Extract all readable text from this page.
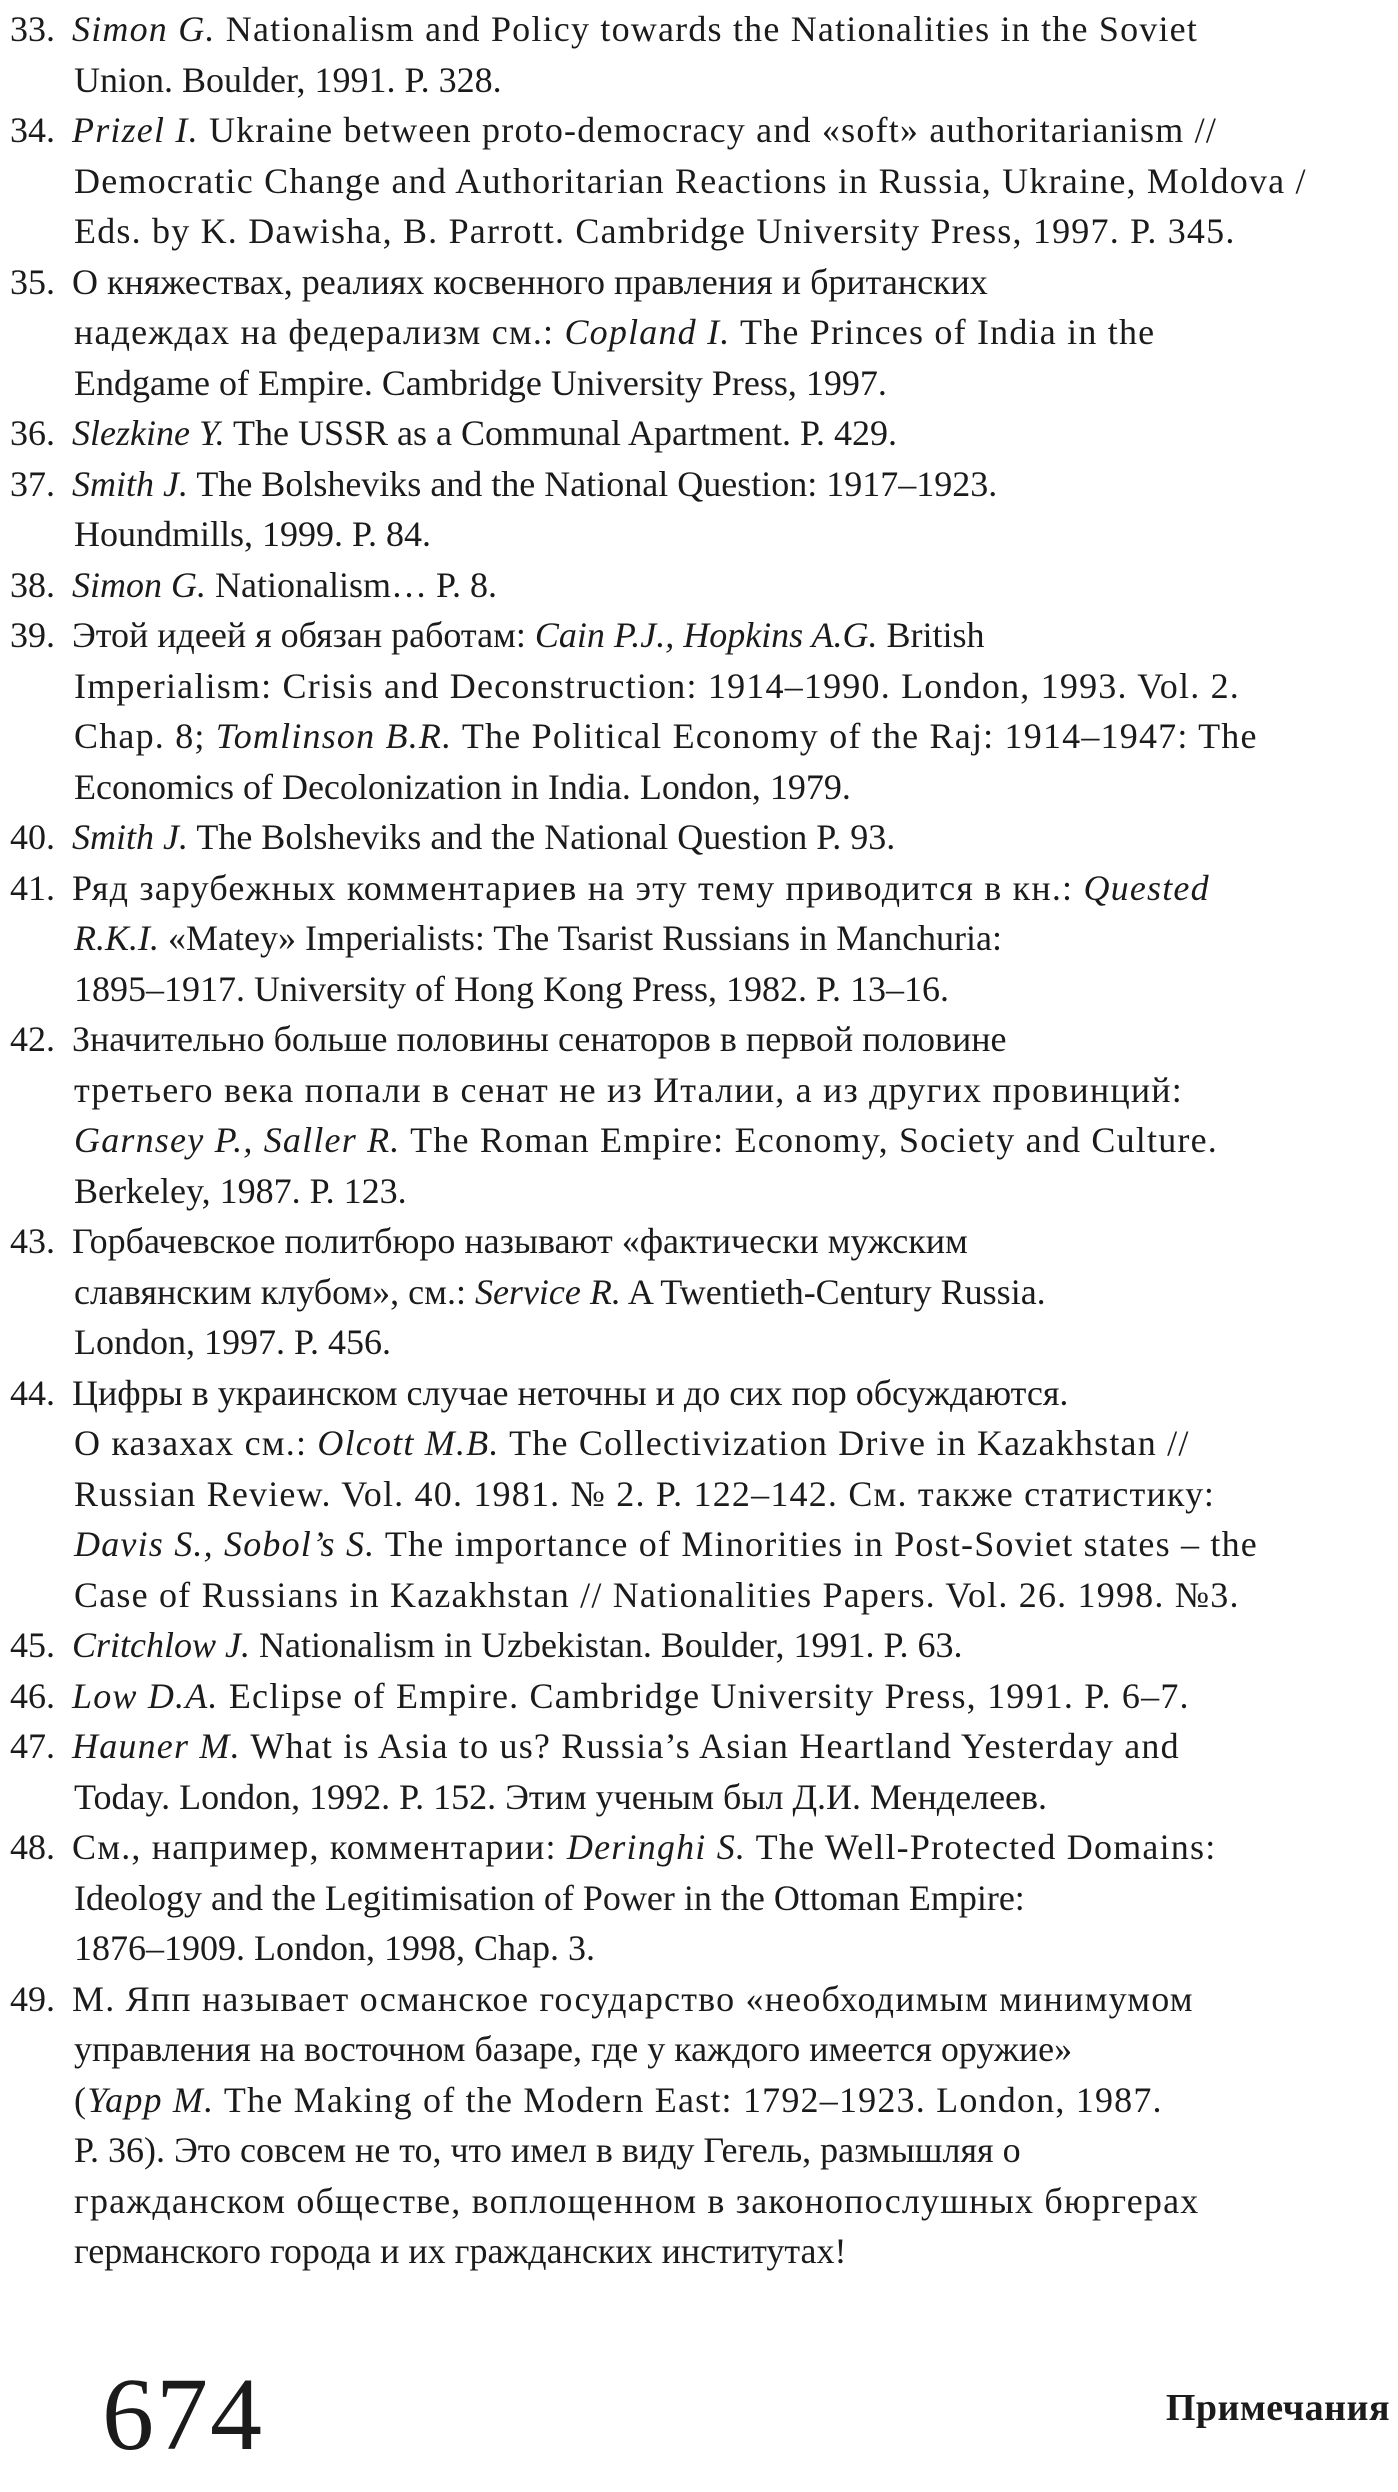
33. Simon G. Nationalism and Policy towards the Nationalities in the Soviet
Union. Boulder, 1991. P. 328.
34. Prizel I. Ukraine between proto-democracy and «soft» authoritarianism //
Democratic Change and Authoritarian Reactions in Russia, Ukraine, Moldova /
Eds. by K. Dawisha, B. Parrott. Cambridge University Press, 1997. P. 345.
35. О княжествах, реалиях косвенного правления и британских
надеждах на федерализм см.: Copland I. The Princes of India in the
Endgame of Empire. Cambridge University Press, 1997.
36. Slezkine Y. The USSR as a Communal Apartment. P. 429.
37. Smith J. The Bolsheviks and the National Question: 1917–1923.
Houndmills, 1999. P. 84.
38. Simon G. Nationalism… P. 8.
39. Этой идеей я обязан работам: Cain P.J., Hopkins A.G. British
Imperialism: Crisis and Deconstruction: 1914–1990. London, 1993. Vol. 2.
Chap. 8; Tomlinson B.R. The Political Economy of the Raj: 1914–1947: The
Economics of Decolonization in India. London, 1979.
40. Smith J. The Bolsheviks and the National Question P. 93.
41. Ряд зарубежных комментариев на эту тему приводится в кн.: Quested
R.K.I. «Matey» Imperialists: The Tsarist Russians in Manchuria:
1895–1917. University of Hong Kong Press, 1982. P. 13–16.
42. Значительно больше половины сенаторов в первой половине
третьего века попали в сенат не из Италии, а из других провинций:
Garnsey P., Saller R. The Roman Empire: Economy, Society and Culture.
Berkeley, 1987. P. 123.
43. Горбачевское политбюро называют «фактически мужским
славянским клубом», см.: Service R. A Twentieth-Century Russia.
London, 1997. P. 456.
44. Цифры в украинском случае неточны и до сих пор обсуждаются.
О казахах см.: Olcott M.B. The Collectivization Drive in Kazakhstan //
Russian Review. Vol. 40. 1981. № 2. P. 122–142. См. также статистику:
Davis S., Sobol’s S. The importance of Minorities in Post-Soviet states – the
Case of Russians in Kazakhstan // Nationalities Papers. Vol. 26. 1998. №3.
45. Critchlow J. Nationalism in Uzbekistan. Boulder, 1991. P. 63.
46. Low D.A. Eclipse of Empire. Cambridge University Press, 1991. P. 6–7.
47. Hauner M. What is Asia to us? Russia’s Asian Heartland Yesterday and
Today. London, 1992. P. 152. Этим ученым был Д.И. Менделеев.
48. См., например, комментарии: Deringhi S. The Well-Protected Domains:
Ideology and the Legitimisation of Power in the Ottoman Empire:
1876–1909. London, 1998, Chap. 3.
49. М. Япп называет османское государство «необходимым минимумом
управления на восточном базаре, где у каждого имеется оружие»
(Yapp M. The Making of the Modern East: 1792–1923. London, 1987.
P. 36). Это совсем не то, что имел в виду Гегель, размышляя о
гражданском обществе, воплощенном в законопослушных бюргерах
германского города и их гражданских институтах!
674	Примечания
